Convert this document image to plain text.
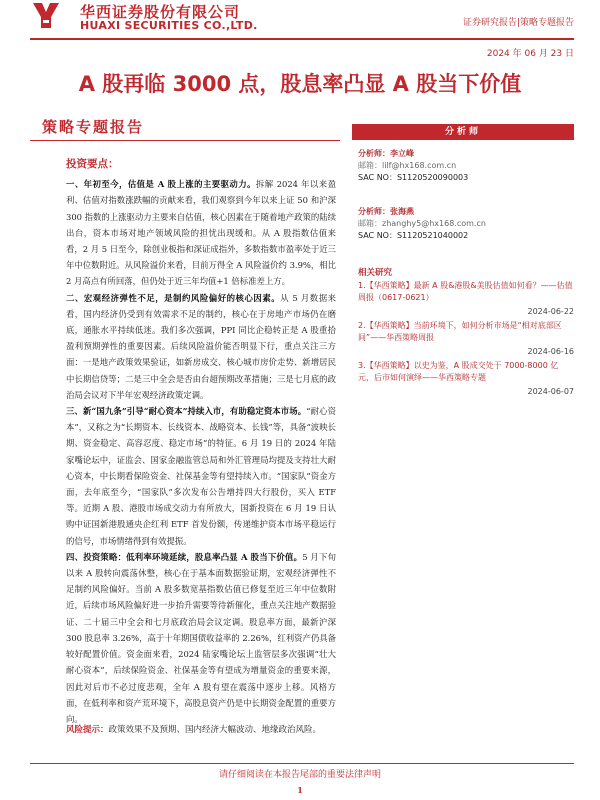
华西证券股份有限公司
HUAXI SECURITIES CO.,LTD.	证券研究报告|策略专题报告
2024 年 06 月 23 日
A 股再临 3000 点，股息率凸显 A 股当下价值
策略专题报告
投资要点：

一、年初至今，估值是 A 股上涨的主要驱动力。拆解 2024 年以来盈利、估值对指数涨跌幅的贡献来看，我们观察到今年以来上证 50 和沪深 300 指数的上涨驱动力主要来自估值，核心因素在于随着地产政策的陆续出台，资本市场对地产领域风险的担忧出现缓和。从 A 股指数估值来看，2 月 5 日至今，除创业板指和深证成指外，多数指数市盈率处于近三年中位数附近。从风险溢价来看，目前万得全 A 风险溢价约 3.9%，相比 2 月高点有所回落，但仍处于近三年均值+1 倍标准差上方。

二、宏观经济弹性不足，是制约风险偏好的核心因素。从 5 月数据来看，国内经济仍受到有效需求不足的制约，核心在于房地产市场仍在磨底，通胀水平持续低迷。我们多次强调，PPI 同比企稳转正是 A 股重拾盈利预期弹性的重要因素。后续风险溢价能否明显下行，重点关注三方面：一是地产政策效果验证，如新房成交、核心城市房价走势、新增居民中长期信贷等；二是三中全会是否由台超预期改革措施；三是七月底的政治局会议对下半年宏观经济政策定调。

三、新“国九条”引导“耐心资本”持续入市，有助稳定资本市场。“耐心资本”，又称之为“长期资本、长线资本、战略资本、长钱”等，具备“波映长期、资金稳定、高容忍度、稳定市场”的特征。6 月 19 日的 2024 年陆家嘴论坛中，证监会、国家金融监管总局和外汇管理局均提及支持壮大耐心资本，中长期看保险资金、社保基金等有望持续入市。“国家队”资金方面，去年底至今，“国家队”多次发布公告增持四大行股份，买入 ETF 等。近期 A 股、港股市场成交动力有所放大，国新投资在 6 月 19 日认购中证国新港股通央企红利 ETF 首发份额，传递维护资本市场平稳运行的信号，市场情绪得到有效提振。

四、投资策略：低利率环境延续，股息率凸显 A 股当下价值。5 月下旬以来 A 股转向震荡休整，核心在于基本面数据验证期，宏观经济弹性不足制约风险偏好。当前 A 股多数宽基指数估值已修复至近三年中位数附近，后续市场风险偏好进一步抬升需要等待新催化，重点关注地产数据验证、二十届三中全会和七月底政治局会议定调。股息率方面，最新沪深 300 股息率 3.26%，高于十年期国债收益率的 2.26%，红利资产仍具备较好配置价值。资金面来看，2024 陆家嘴论坛上监管层多次强调“壮大耐心资本”，后续保险资金、社保基金等有望成为增量资金的重要来源，因此对后市不必过度悲观，全年 A 股有望在震荡中逐步上移。风格方面，在低利率和资产荒环境下，高股息资产仍是中长期资金配置的重要方向。

风险提示：政策效果不及预期、国内经济大幅波动、地缘政治风险。
分析师
分析师：李立峰
邮箱：lilf@hx168.com.cn
SAC NO：S1120520090003
分析师：张海燕
邮箱：zhanghy5@hx168.com.cn
SAC NO：S1120521040002
相关研究
1.【华西策略】最新 A 股&港股&美股估值如何看？——估值周报（0617-0621）
2024-06-22
2.【华西策略】当前环境下，如何分析市场是“相对底部区间”——华西策略周报
2024-06-16
3.【华西策略】以史为鉴，A 股成交处于 7000-8000 亿元，后市如何演绎——华西策略专题
2024-06-07
请仔细阅读在本报告尾部的重要法律声明
1
